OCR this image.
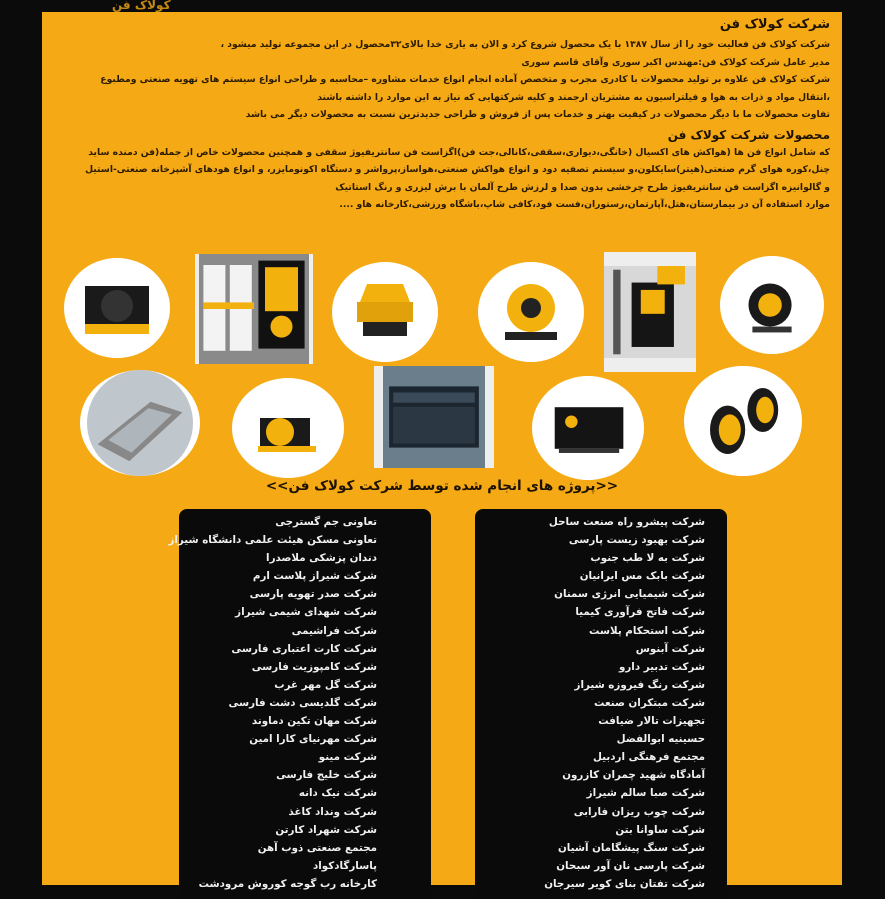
کولاک فن
شرکت کولاک فن
شرکت کولاک فن فعالیت خود را از سال ۱۳۸۷ با یک محصول شروع کرد و الان به یاری خدا بالای۳۲محصول در این مجموعه تولید میشود ،
مدیر عامل شرکت کولاک فن:مهندس اکبر سوری وآقای قاسم سوری
شرکت کولاک فن علاوه بر تولید محصولات با کادری مجرب و متخصص آماده انجام انواع خدمات مشاوره –محاسبه و طراحی انواع سیستم های تهویه صنعتی ومطبوع
،انتقال مواد و ذرات به هوا و فیلتراسیون به مشتریان ارجمند و کلیه شرکتهایی که نیاز به این موارد را داشته باشند
تفاوت محصولات ما با دیگر محصولات در کیفیت بهتر و خدمات پس از فروش و طراحی جدیدترین نسبت به محصولات دیگر می باشد
محصولات شرکت کولاک فن
که شامل انواع فن ها (هواکش های اکسیال (خانگی،دیواری،سقفی،کانالی،جت فن)اگزاست فن سانتریفیوژ سقفی و همچنین محصولات خاص از جمله(فن دمنده ساید
چنل،کوره هوای گرم صنعتی(هیتر)سایکلون،و سیستم تصفیه دود و انواع هواکش صنعتی،هواساز،پرواشر و دستگاه اکونومایزر، و انواع هودهای آشپزخانه صنعتی-استیل
و گالوانیزه اگزاست فن سانتریفیوژ طرح چرخشی بدون صدا و لرزش طرح آلمان با برش لیزری و رنگ استاتیک
موارد استفاده آن در بیمارستان،هتل،آپارتمان،رستوران،فست فود،کافی شاپ،باشگاه ورزشی،کارخانه هاو ....
<<پروژه های انجام شده توسط شرکت کولاک فن>>
شرکت پیشرو راه صنعت ساحل
شرکت بهبود زیست پارسی
شرکت به لا طب جنوب
شرکت بابک مس ایرانیان
شرکت شیمیایی انرژی سمنان
شرکت فاتح فرآوری کیمیا
شرکت استحکام پلاست
شرکت آبنوس
شرکت تدبیر دارو
شرکت رنگ فیروزه شیراز
شرکت مبتکران صنعت
تجهیزات تالار ضیافت
حسینیه ابوالفضل
مجتمع فرهنگی اردبیل
آمادگاه شهید چمران کازرون
شرکت صبا سالم شیراز
شرکت چوب ریزان فارابی
شرکت ساوانا بتن
شرکت سنگ پیشگامان آشیان
شرکت پارسی نان آور سبحان
شرکت تفتان بنای کویر سیرجان
تعاونی جم گسترجی
تعاونی مسکن هیئت علمی دانشگاه شیراز
دندان پزشکی ملاصدرا
شرکت شیراز پلاست ارم
شرکت صدر تهویه پارسی
شرکت شهدای شیمی شیراز
شرکت فراشیمی
شرکت کارت اعتباری فارسی
شرکت کامپوزیت فارسی
شرکت گل مهر غرب
شرکت گلدیسی دشت فارسی
شرکت مهان تکین دماوند
شرکت مهرنیای کارا امین
شرکت مینو
شرکت خلیج فارسی
شرکت نیک دانه
شرکت ونداد کاغذ
شرکت شهراد کارتن
مجتمع صنعتی ذوب آهن
پاسارگادکواد
کارخانه رب گوجه کوروش مرودشت
